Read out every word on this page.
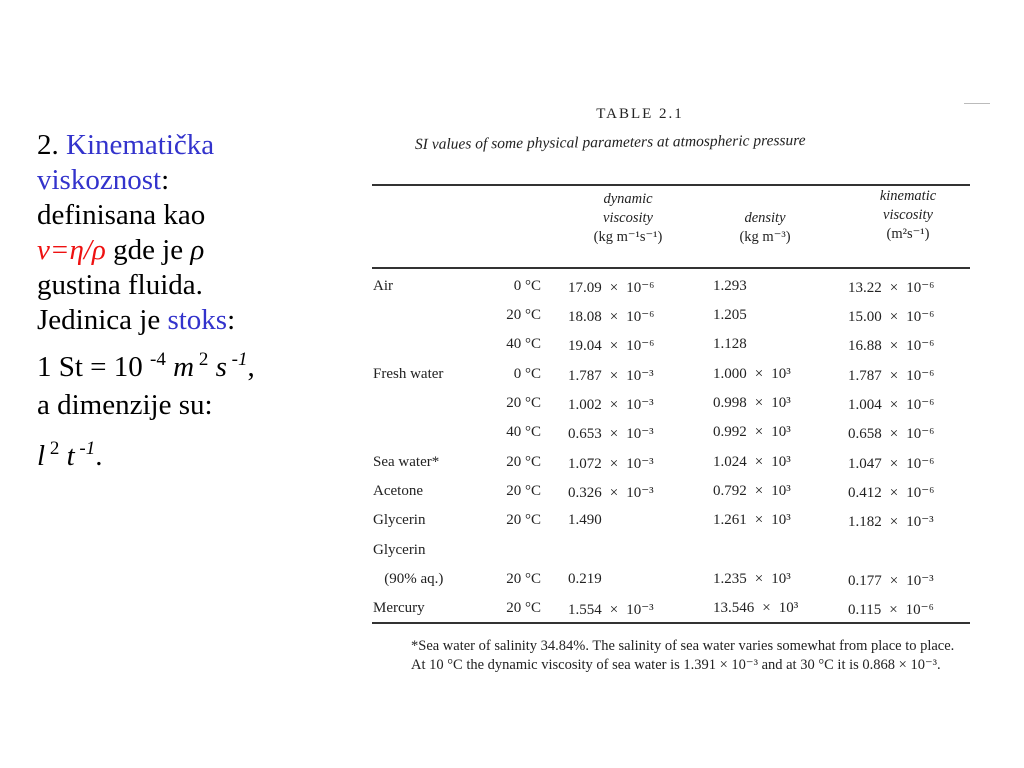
2. Kinematička

viskoznost:

definisana kao

ν=η/ρ gde je ρ

gustina fluida.

Jedinica je stoks:

1 St = 10 $^{-4}$ m $^2$ s $^{-1}$,

a dimenzije su:

l $^2$ t $^{-1}$.

TABLE 2.1
SI values of some physical parameters at atmospheric pressure
dynamic
viscosity
(kg m⁻¹s⁻¹)
density
(kg m⁻³)
kinematic
viscosity
(m²s⁻¹)
Air	0 °C 17.09 × 10⁻⁶	1.293	13.22 × 10⁻⁶
20 °C 18.08 × 10⁻⁶	1.205	15.00 × 10⁻⁶
40 °C 19.04 × 10⁻⁶	1.128	16.88 × 10⁻⁶
Fresh water	0 °C 1.787 × 10⁻³	1.000 × 10³	1.787 × 10⁻⁶
20 °C 1.002 × 10⁻³	0.998 × 10³	1.004 × 10⁻⁶
40 °C 0.653 × 10⁻³	0.992 × 10³	0.658 × 10⁻⁶
Sea water*	20 °C 1.072 × 10⁻³	1.024 × 10³	1.047 × 10⁻⁶
Acetone	20 °C 0.326 × 10⁻³	0.792 × 10³	0.412 × 10⁻⁶
Glycerin	20 °C 1.490	1.261 × 10³	1.182 × 10⁻³
Glycerin
(90% aq.)	20 °C 0.219	1.235 × 10³	0.177 × 10⁻³
Mercury	20 °C 1.554 × 10⁻³	13.546 × 10³	0.115 × 10⁻⁶
*Sea water of salinity 34.84%. The salinity of sea water varies somewhat from place to place. At 10 °C the dynamic viscosity of sea water is 1.391 × 10⁻³ and at 30 °C it is 0.868 × 10⁻³.
